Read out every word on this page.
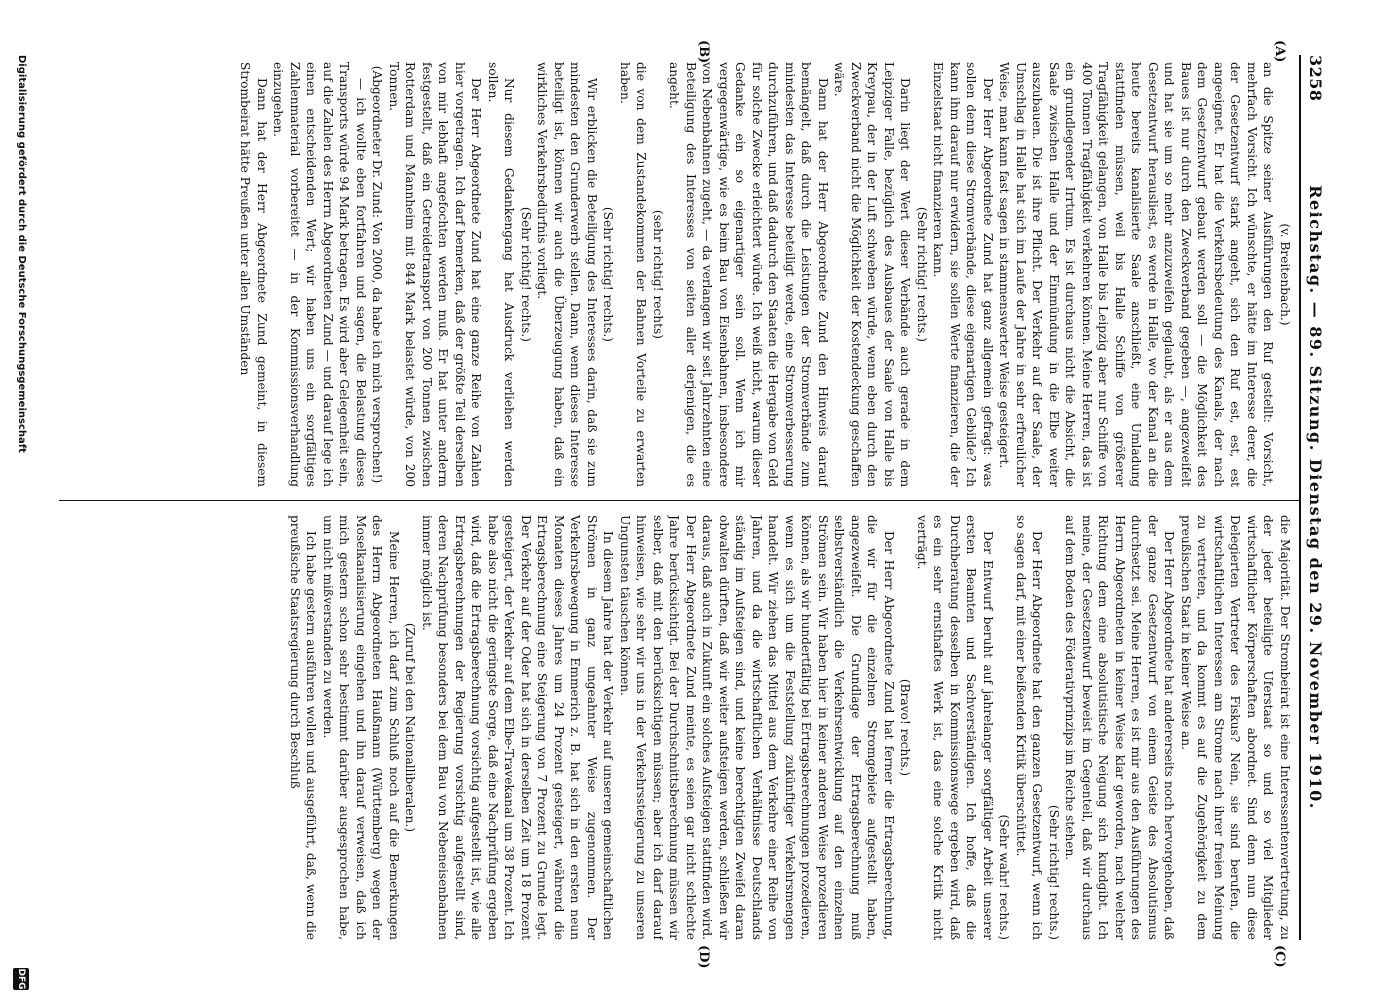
3258
Reichstag. — 89. Sitzung. Dienstag den 29. November 1910.
(A)
(B)
(C)
(D)

(v. Breitenbach.)

an die Spitze seiner Ausführungen den Ruf gestellt: Vorsicht, mehrfach Vorsicht. Ich wünschte, er hätte im Interesse derer, die der Gesetzentwurf stark angeht, sich den Ruf est, est, est angeeignet. Er hat die Verkehrsbedeutung des Kanals, der nach dem Gesetzentwurf gebaut werden soll — die Möglichkeit des Baues ist nur durch den Zweckverband gegeben —, angezweifelt und hat sie um so mehr anzuzweifeln geglaubt, als er aus dem Gesetzentwurf herausliest, es werde in Halle, wo der Kanal an die heute bereits kanalisierte Saale anschließt, eine Umladung stattfinden müssen, weil bis Halle Schiffe von größerer Tragfähigkeit gelangen, von Halle bis Leipzig aber nur Schiffe von 400 Tonnen Tragfähigkeit verkehren können. Meine Herren, das ist ein grundlegender Irrtum. Es ist durchaus nicht die Absicht, die Saale zwischen Halle und der Einmündung in die Elbe weiter auszubauen. Die ist ihre Pflicht. Der Verkehr auf der Saale, der Umschlag in Halle hat sich im Laufe der Jahre in sehr erfreulicher Weise, man kann fast sagen in stammenswerter Weise gesteigert.

Der Herr Abgeordnete Zund hat ganz allgemein gefragt: was sollen denn diese Stromverbände, diese eigenartigen Gebilde? Ich kann ihm darauf nur erwidern, sie sollen Werte finanzieren, die der Einzelstaat nicht finanzieren kann.

(Sehr richtig! rechts.)

Darin liegt der Wert dieser Verbände auch gerade in dem Leipziger Falle, bezüglich des Ausbaues der Saale von Halle bis Kreypau, der in der Luft schweben würde, wenn eben durch den Zweckverband nicht die Möglichkeit der Kostendeckung geschaffen wäre.

Dann hat der Herr Abgeordnete Zund den Hinweis darauf bemängelt, daß durch die Leistungen der Stromverbände zum mindesten das Interesse beteiligt werde, eine Stromverbesserung durchzuführen, und daß dadurch den Staaten die Hergabe von Geld für solche Zwecke erleichtert würde. Ich weiß nicht, warum dieser Gedanke ein so eigenartiger sein soll. Wenn ich mir vergegenwärtige, wie es beim Bau von Eisenbahnen, insbesondere von Nebenbahnen zugeht, — da verlangen wir seit Jahrzehnten eine Beteiligung des Interesses von seiten aller derjenigen, die es angeht.

(sehr richtig! rechts)

die von dem Zustandekommen der Bahnen Vorteile zu erwarten haben.

(Sehr richtig! rechts.)

Wir erblicken die Beteiligung des Interesses darin, daß sie zum mindesten den Grunderwerb stellen. Dann, wenn dieses Interesse beteiligt ist, können wir auch die Überzeugung haben, daß ein wirkliches Verkehrsbedürfnis vorliegt.

(Sehr richtig! rechts.)

Nur diesem Gedankengang hat Ausdruck verliehen werden sollen.

Der Herr Abgeordnete Zund hat eine ganze Reihe von Zahlen hier vorgetragen. Ich darf bemerken, daß der größte Teil derselben von mir lebhaft angefochten werden muß. Er hat unter anderm festgestellt, daß ein Getreidetransport von 200 Tonnen zwischen Rotterdam und Mannheim mit 844 Mark belastet würde, von 200 Tonnen.

(Abgeordneter Dr. Zund: Von 2000, da habe ich mich versprochen!)

— ich wollte eben fortfahren und sagen, die Belastung dieses Transports würde 94 Mark betragen. Es wird aber Gelegenheit sein, auf die Zahlen des Herrn Abgeordneten Zund — und darauf lege ich einen entscheidenden Wert; wir haben uns ein sorgfältiges Zahlenmaterial vorbereitet — in der Kommissionsverhandlung einzugehen.

Dann hat der Herr Abgeordnete Zund gemeint, in diesem Strombeirat hätte Preußen unter allen Umständen

die Majorität. Der Strombeirat ist eine Interessentenvertretung, zu der jeder beteiligte Uferstaat so und so viel Mitglieder wirtschaftlicher Körperschaften abordnet. Sind denn nun diese Delegierten Vertreter des Fiskus? Nein, sie sind berufen, die wirtschaftlichen Interessen am Strome nach ihrer freien Meinung zu vertreten, und da kommt es auf die Zugehörigkeit zu dem preußischen Staat in keiner Weise an.

Der Herr Abgeordnete hat andererseits noch hervorgehoben, daß der ganze Gesetzentwurf von einem Geiste des Absolutismus durchsetzt sei. Meine Herren, es ist mir aus den Ausführungen des Herrn Abgeordneten in keiner Weise klar geworden, nach welcher Richtung dem eine absolutistische Neigung sich kundgibt. Ich meine, der Gesetzentwurf beweist im Gegenteil, daß wir durchaus auf dem Boden des Föderativprinzips im Reiche stehen.

(Sehr richtig! rechts.)

Der Herr Abgeordnete hat den ganzen Gesetzentwurf, wenn ich so sagen darf, mit einer beißenden Kritik überschüttet.

(Sehr wahr! rechts.)

Der Entwurf beruht auf jahrelanger sorgfältiger Arbeit unserer ersten Beamten und Sachverständigen. Ich hoffe, daß die Durchberatung desselben in Kommissionswege ergeben wird, daß es ein sehr ernsthaftes Werk ist, das eine solche Kritik nicht verträgt.

(Bravo! rechts.)

Der Herr Abgeordnete Zund hat ferner die Ertragsberechnung, die wir für die einzelnen Stromgebiete aufgestellt haben, angezweifelt. Die Grundlage der Ertragsberechnung muß selbstverständlich die Verkehrsentwicklung auf den einzelnen Strömen sein. Wir haben hier in keiner anderen Weise prozedieren können, als wir hundertfältig bei Ertragsberechnungen prozedieren, wenn es sich um die Feststellung zukünftiger Verkehrsmengen handelt. Wir ziehen das Mittel aus dem Verkehre einer Reihe von Jahren, und da die wirtschaftlichen Verhältnisse Deutschlands ständig im Aufsteigen sind, und keine berechtigten Zweifel daran obwalten dürften, daß wir weiter aufsteigen werden, schließen wir daraus, daß auch in Zukunft ein solches Aufsteigen stattfinden wird. Der Herr Abgeordnete Zund meinte, es seien gar nicht schlechte Jahre berücksichtigt. Bei der Durchschnittsberechnung müssen wir selber, daß mit den berücksichtigen müssen; aber ich darf darauf hinweisen, wie sehr wir uns in der Verkehrssteigerung zu unseren Ungunsten täuschen können.

In diesem Jahre hat der Verkehr auf unseren gemeinschaftlichen Strömen in ganz ungeahnter Weise zugenommen. Der Verkehrsbewegung in Emmerich z. B. hat sich in den ersten neun Monaten dieses Jahres um 24 Prozent gesteigert, während die Ertragsberechnung eine Steigerung von 7 Prozent zu Grunde legt. Der Verkehr auf der Oder hat sich in derselben Zeit um 18 Prozent gesteigert, der Verkehr auf dem Elbe-Travekanal um 38 Prozent. Ich habe also nicht die geringste Sorge, daß eine Nachprüfung ergeben wird, daß die Ertragsberechnung vorsichtig aufgestellt ist, wie alle Ertragsberechnungen der Regierung vorsichtig aufgestellt sind, deren Nachprüfung besonders bei dem Bau von Nebeneisenbahnen immer möglich ist.

(Zuruf bei den Nationalliberalen.)

Meine Herren, ich darf zum Schluß noch auf die Bemerkungen des Herrn Abgeordneten Haußmann (Württemberg) wegen der Moselkanalisierung eingehen und ihn darauf verweisen, daß ich mich gestern schon sehr bestimmt darüber ausgesprochen habe, um nicht mißverstanden zu werden.

Ich habe gestern ausführen wollen und ausgeführt, daß, wenn die preußische Staatsregierung durch Beschluß

Digitalisierung gefördert durch die Deutsche Forschungsgemeinschaft
DFG
